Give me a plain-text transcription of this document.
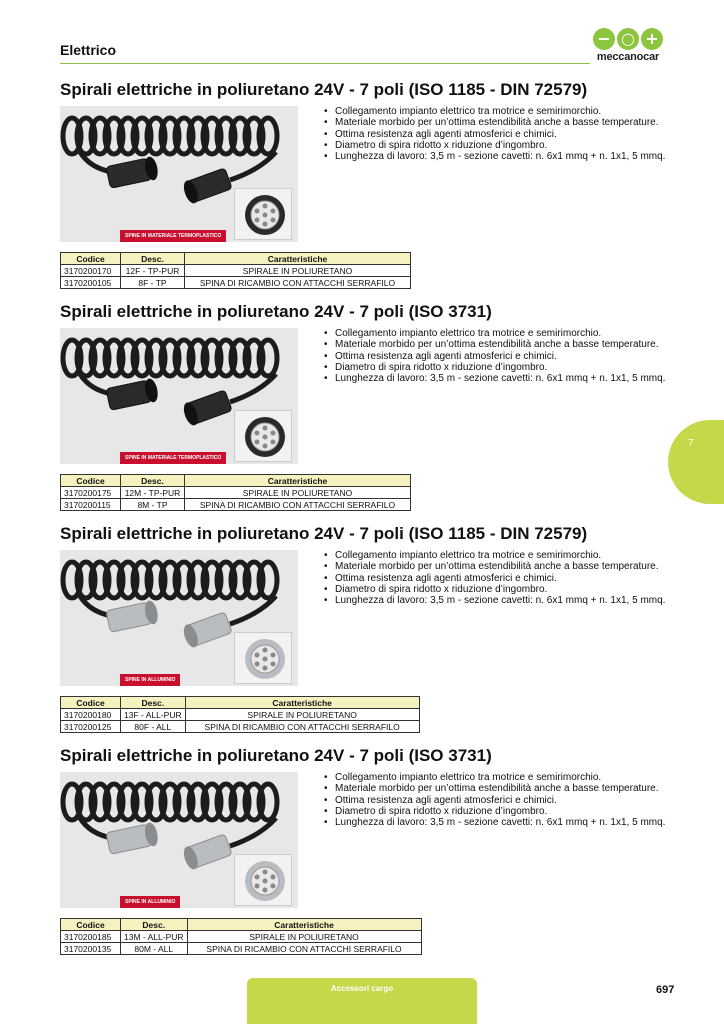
Elettrico
− ○ +
meccanocar
Spirali elettriche in poliuretano 24V - 7 poli (ISO 1185 - DIN 72579)
SPINE IN MATERIALE TERMOPLASTICO
• Collegamento impianto elettrico tra motrice e semirimorchio.
• Materiale morbido per un’ottima estendibilità anche a basse temperature.
• Ottima resistenza agli agenti atmosferici e chimici.
• Diametro di spira ridotto x riduzione d’ingombro.
• Lunghezza di lavoro: 3,5 m - sezione cavetti: n. 6x1 mmq + n. 1x1, 5 mmq.
Codice	Desc.	Caratteristiche
3170200170	12F - TP-PUR	SPIRALE IN POLIURETANO
3170200105	8F - TP	SPINA DI RICAMBIO CON ATTACCHI SERRAFILO
Spirali elettriche in poliuretano 24V - 7 poli (ISO 3731)
SPINE IN MATERIALE TERMOPLASTICO
• Collegamento impianto elettrico tra motrice e semirimorchio.
• Materiale morbido per un’ottima estendibilità anche a basse temperature.
• Ottima resistenza agli agenti atmosferici e chimici.
• Diametro di spira ridotto x riduzione d’ingombro.
• Lunghezza di lavoro: 3,5 m - sezione cavetti: n. 6x1 mmq + n. 1x1, 5 mmq.
Codice	Desc.	Caratteristiche
3170200175	12M - TP-PUR	SPIRALE IN POLIURETANO
3170200115	8M - TP	SPINA DI RICAMBIO CON ATTACCHI SERRAFILO
Spirali elettriche in poliuretano 24V - 7 poli (ISO 1185 - DIN 72579)
SPINE IN ALLUMINIO
• Collegamento impianto elettrico tra motrice e semirimorchio.
• Materiale morbido per un’ottima estendibilità anche a basse temperature.
• Ottima resistenza agli agenti atmosferici e chimici.
• Diametro di spira ridotto x riduzione d’ingombro.
• Lunghezza di lavoro: 3,5 m - sezione cavetti: n. 6x1 mmq + n. 1x1, 5 mmq.
Codice	Desc.	Caratteristiche
3170200180	13F - ALL-PUR	SPIRALE IN POLIURETANO
3170200125	80F - ALL	SPINA DI RICAMBIO CON ATTACCHI SERRAFILO
Spirali elettriche in poliuretano 24V - 7 poli (ISO 3731)
SPINE IN ALLUMINIO
• Collegamento impianto elettrico tra motrice e semirimorchio.
• Materiale morbido per un’ottima estendibilità anche a basse temperature.
• Ottima resistenza agli agenti atmosferici e chimici.
• Diametro di spira ridotto x riduzione d’ingombro.
• Lunghezza di lavoro: 3,5 m - sezione cavetti: n. 6x1 mmq + n. 1x1, 5 mmq.
Codice	Desc.	Caratteristiche
3170200185	13M - ALL-PUR	SPIRALE IN POLIURETANO
3170200135	80M - ALL	SPINA DI RICAMBIO CON ATTACCHI SERRAFILO
7
Accessori cargo	697
